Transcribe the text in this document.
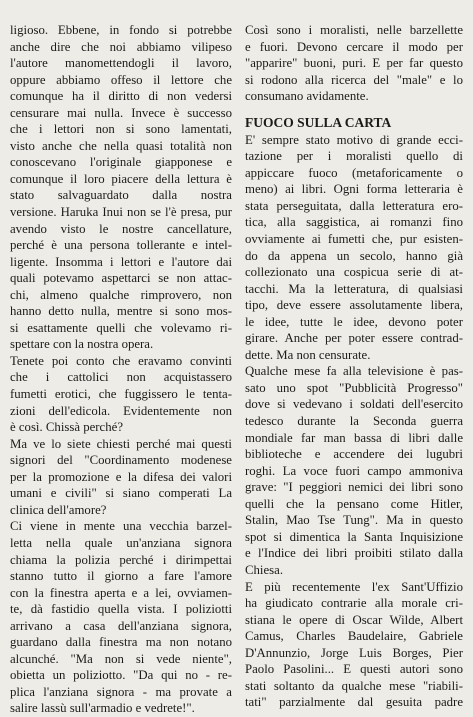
ligioso. Ebbene, in fondo si potrebbe
anche dire che noi abbiamo vilipeso
l'autore manomettendogli il lavoro,
oppure abbiamo offeso il lettore che
comunque ha il diritto di non vedersi
censurare mai nulla. Invece è successo
che i lettori non si sono lamentati,
visto anche che nella quasi totalità non
conoscevano l'originale giapponese e
comunque il loro piacere della lettura è
stato salvaguardato dalla nostra
versione. Haruka Inui non se l'è presa, pur
avendo visto le nostre cancellature,
perché è una persona tollerante e intel-
ligente. Insomma i lettori e l'autore dai
quali potevamo aspettarci se non attac-
chi, almeno qualche rimprovero, non
hanno detto nulla, mentre si sono mos-
si esattamente quelli che volevamo ri-
spettare con la nostra opera.
Tenete poi conto che eravamo convinti
che i cattolici non acquistassero
fumetti erotici, che fuggissero le tenta-
zioni dell'edicola. Evidentemente non
è così. Chissà perché?
Ma ve lo siete chiesti perché mai questi
signori del "Coordinamento modenese
per la promozione e la difesa dei valori
umani e civili" si siano comperati La
clinica dell'amore?
Ci viene in mente una vecchia barzel-
letta nella quale un'anziana signora
chiama la polizia perché i dirimpettai
stanno tutto il giorno a fare l'amore
con la finestra aperta e a lei, ovviamen-
te, dà fastidio quella vista. I poliziotti
arrivano a casa dell'anziana signora,
guardano dalla finestra ma non notano
alcunché. "Ma non si vede niente",
obietta un poliziotto. "Da qui no - re-
plica l'anziana signora - ma provate a
salire lassù sull'armadio e vedrete!".
Così sono i moralisti, nelle barzellette
e fuori. Devono cercare il modo per
"apparire" buoni, puri. E per far questo
si rodono alla ricerca del "male" e lo
consumano avidamente.
FUOCO SULLA CARTA
E' sempre stato motivo di grande ecci-
tazione per i moralisti quello di
appiccare fuoco (metaforicamente o
meno) ai libri. Ogni forma letteraria è
stata perseguitata, dalla letteratura ero-
tica, alla saggistica, ai romanzi fino
ovviamente ai fumetti che, pur esisten-
do da appena un secolo, hanno già
collezionato una cospicua serie di at-
tacchi. Ma la letteratura, di qualsiasi
tipo, deve essere assolutamente libera,
le idee, tutte le idee, devono poter
girare. Anche per poter essere contrad-
dette. Ma non censurate.
Qualche mese fa alla televisione è pas-
sato uno spot "Pubblicità Progresso"
dove si vedevano i soldati dell'esercito
tedesco durante la Seconda guerra
mondiale far man bassa di libri dalle
biblioteche e accendere dei lugubri
roghi. La voce fuori campo ammoniva
grave: "I peggiori nemici dei libri sono
quelli che la pensano come Hitler,
Stalin, Mao Tse Tung". Ma in questo
spot si dimentica la Santa Inquisizione
e l'Indice dei libri proibiti stilato dalla
Chiesa.
E più recentemente l'ex Sant'Uffizio
ha giudicato contrarie alla morale cri-
stiana le opere di Oscar Wilde, Albert
Camus, Charles Baudelaire, Gabriele
D'Annunzio, Jorge Luis Borges, Pier
Paolo Pasolini... E questi autori sono
stati soltanto da qualche mese "riabili-
tati" parzialmente dal gesuita padre
